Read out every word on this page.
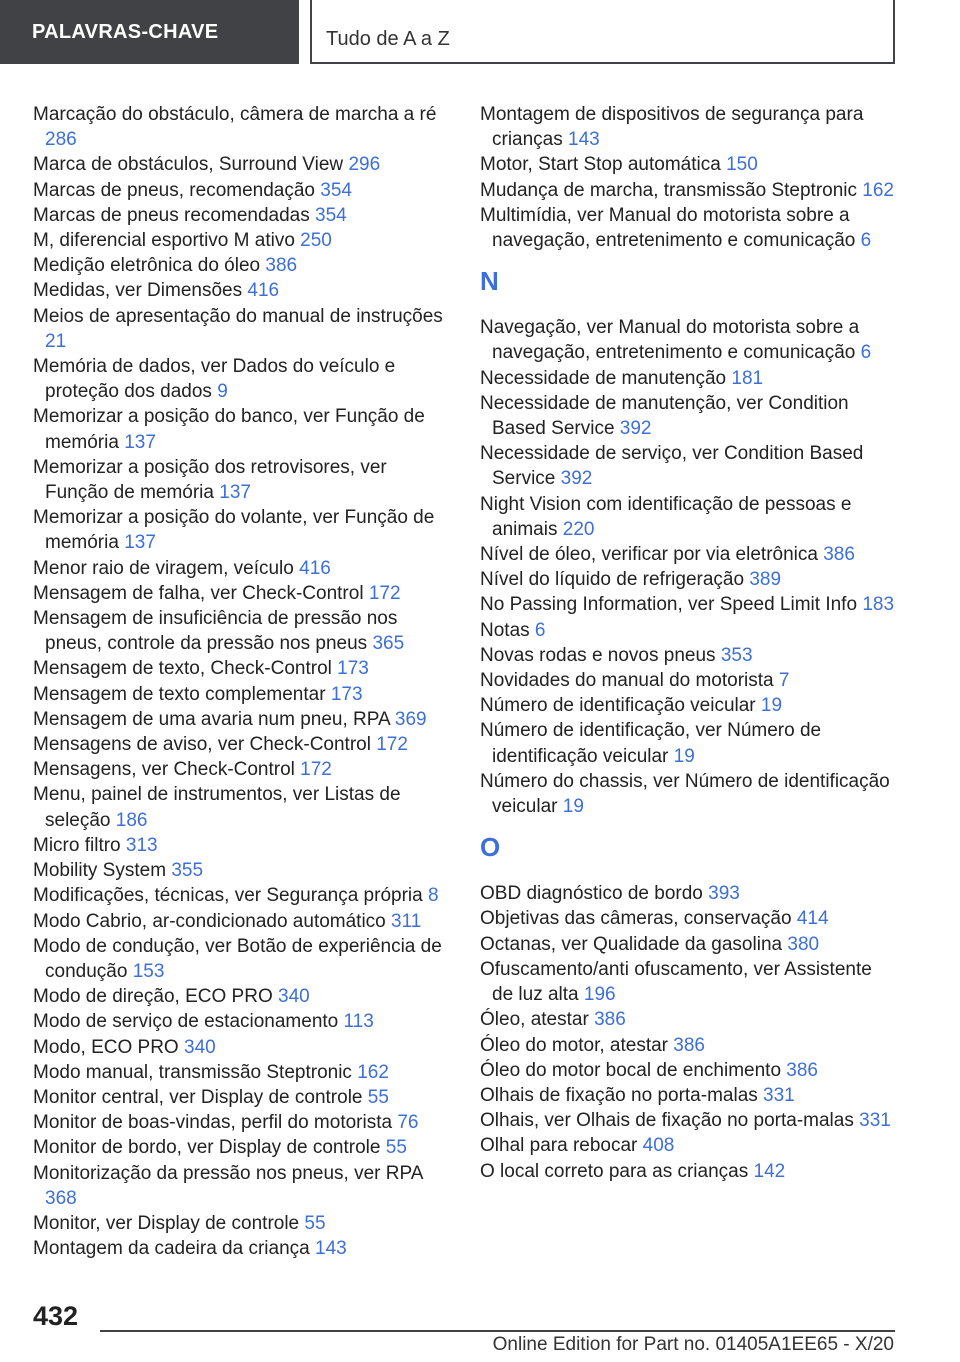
PALAVRAS-CHAVE	Tudo de A a Z
Marcação do obstáculo, câmera de marcha a ré 286
Marca de obstáculos, Surround View 296
Marcas de pneus, recomendação 354
Marcas de pneus recomendadas 354
M, diferencial esportivo M ativo 250
Medição eletrônica do óleo 386
Medidas, ver Dimensões 416
Meios de apresentação do manual de instruções 21
Memória de dados, ver Dados do veículo e proteção dos dados 9
Memorizar a posição do banco, ver Função de memória 137
Memorizar a posição dos retrovisores, ver Função de memória 137
Memorizar a posição do volante, ver Função de memória 137
Menor raio de viragem, veículo 416
Mensagem de falha, ver Check-Control 172
Mensagem de insuficiência de pressão nos pneus, controle da pressão nos pneus 365
Mensagem de texto, Check-Control 173
Mensagem de texto complementar 173
Mensagem de uma avaria num pneu, RPA 369
Mensagens de aviso, ver Check-Control 172
Mensagens, ver Check-Control 172
Menu, painel de instrumentos, ver Listas de seleção 186
Micro filtro 313
Mobility System 355
Modificações, técnicas, ver Segurança própria 8
Modo Cabrio, ar-condicionado automático 311
Modo de condução, ver Botão de experiência de condução 153
Modo de direção, ECO PRO 340
Modo de serviço de estacionamento 113
Modo, ECO PRO 340
Modo manual, transmissão Steptronic 162
Monitor central, ver Display de controle 55
Monitor de boas-vindas, perfil do motorista 76
Monitor de bordo, ver Display de controle 55
Monitorização da pressão nos pneus, ver RPA 368
Monitor, ver Display de controle 55
Montagem da cadeira da criança 143
Montagem de dispositivos de segurança para crianças 143
Motor, Start Stop automática 150
Mudança de marcha, transmissão Steptronic 162
Multimídia, ver Manual do motorista sobre a navegação, entretenimento e comunicação 6
N
Navegação, ver Manual do motorista sobre a navegação, entretenimento e comunicação 6
Necessidade de manutenção 181
Necessidade de manutenção, ver Condition Based Service 392
Necessidade de serviço, ver Condition Based Service 392
Night Vision com identificação de pessoas e animais 220
Nível de óleo, verificar por via eletrônica 386
Nível do líquido de refrigeração 389
No Passing Information, ver Speed Limit Info 183
Notas 6
Novas rodas e novos pneus 353
Novidades do manual do motorista 7
Número de identificação veicular 19
Número de identificação, ver Número de identificação veicular 19
Número do chassis, ver Número de identificação veicular 19
O
OBD diagnóstico de bordo 393
Objetivas das câmeras, conservação 414
Octanas, ver Qualidade da gasolina 380
Ofuscamento/anti ofuscamento, ver Assistente de luz alta 196
Óleo, atestar 386
Óleo do motor, atestar 386
Óleo do motor bocal de enchimento 386
Olhais de fixação no porta-malas 331
Olhais, ver Olhais de fixação no porta-malas 331
Olhal para rebocar 408
O local correto para as crianças 142
432
Online Edition for Part no. 01405A1EE65 - X/20
